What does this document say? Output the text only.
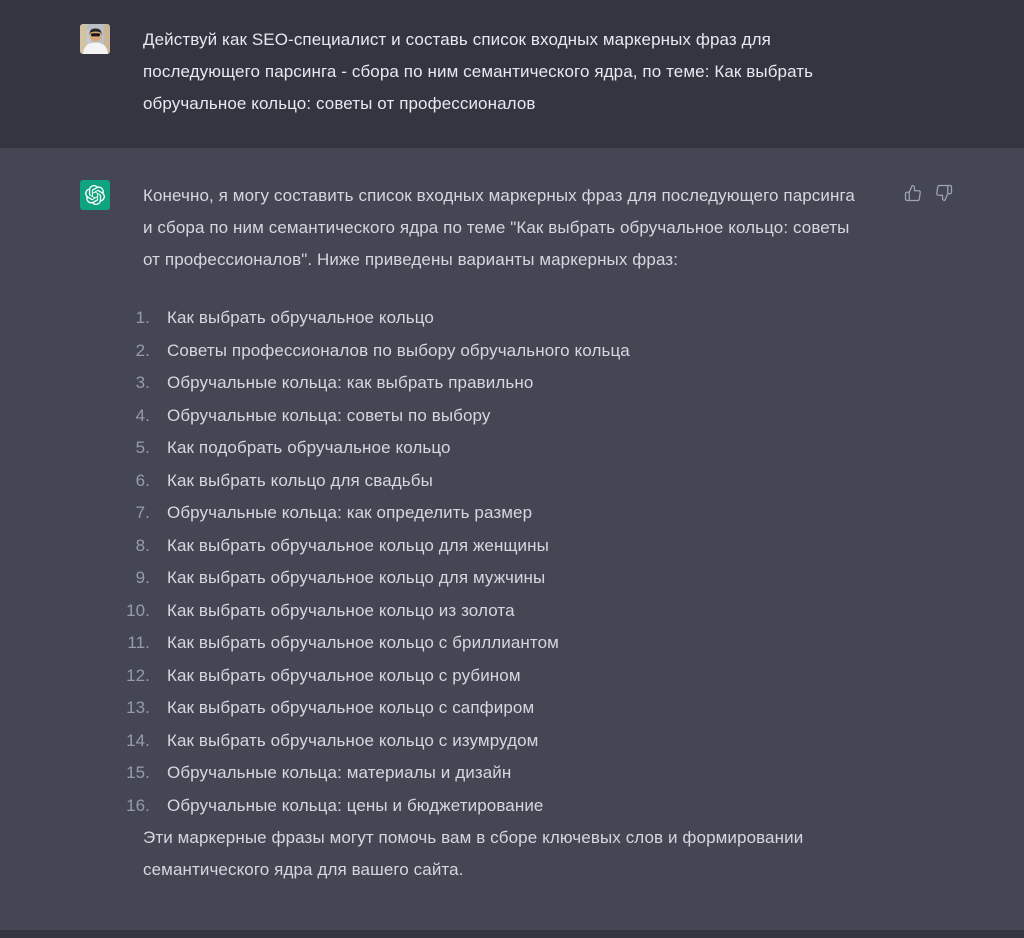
Действуй как SEO-специалист и составь список входных маркерных фраз для последующего парсинга - сбора по ним семантического ядра, по теме: Как выбрать обручальное кольцо: советы от профессионалов

Конечно, я могу составить список входных маркерных фраз для последующего парсинга и сбора по ним семантического ядра по теме "Как выбрать обручальное кольцо: советы от профессионалов". Ниже приведены варианты маркерных фраз:

Как выбрать обручальное кольцо
Советы профессионалов по выбору обручального кольца
Обручальные кольца: как выбрать правильно
Обручальные кольца: советы по выбору
Как подобрать обручальное кольцо
Как выбрать кольцо для свадьбы
Обручальные кольца: как определить размер
Как выбрать обручальное кольцо для женщины
Как выбрать обручальное кольцо для мужчины
Как выбрать обручальное кольцо из золота
Как выбрать обручальное кольцо с бриллиантом
Как выбрать обручальное кольцо с рубином
Как выбрать обручальное кольцо с сапфиром
Как выбрать обручальное кольцо с изумрудом
Обручальные кольца: материалы и дизайн
Обручальные кольца: цены и бюджетирование

Эти маркерные фразы могут помочь вам в сборе ключевых слов и формировании семантического ядра для вашего сайта.
